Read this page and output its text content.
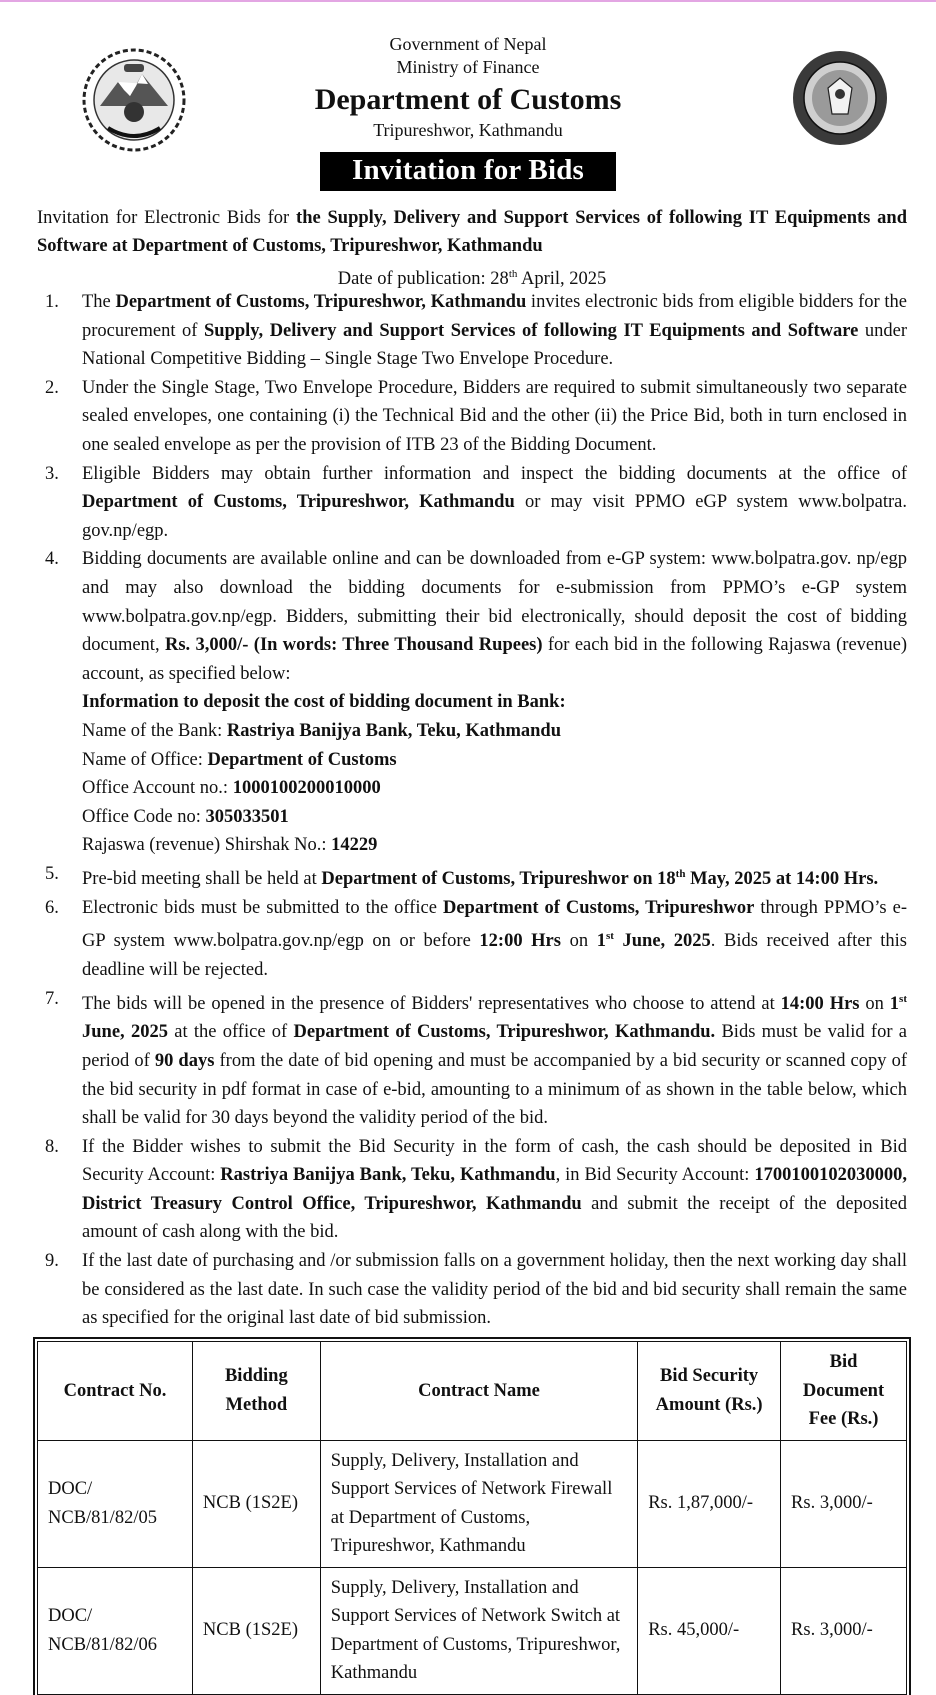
Government of Nepal
Ministry of Finance
Department of Customs
Tripureshwor, Kathmandu
Invitation for Bids
Invitation for Electronic Bids for the Supply, Delivery and Support Services of following IT Equipments and Software at Department of Customs, Tripureshwor, Kathmandu
Date of publication: 28th April, 2025
1. The Department of Customs, Tripureshwor, Kathmandu invites electronic bids from eligible bidders for the procurement of Supply, Delivery and Support Services of following IT Equipments and Software under National Competitive Bidding – Single Stage Two Envelope Procedure.
2. Under the Single Stage, Two Envelope Procedure, Bidders are required to submit simultaneously two separate sealed envelopes, one containing (i) the Technical Bid and the other (ii) the Price Bid, both in turn enclosed in one sealed envelope as per the provision of ITB 23 of the Bidding Document.
3. Eligible Bidders may obtain further information and inspect the bidding documents at the office of Department of Customs, Tripureshwor, Kathmandu or may visit PPMO eGP system www.bolpatra. gov.np/egp.
4. Bidding documents are available online and can be downloaded from e-GP system: www.bolpatra.gov. np/egp and may also download the bidding documents for e-submission from PPMO’s e-GP system www.bolpatra.gov.np/egp. Bidders, submitting their bid electronically, should deposit the cost of bidding document, Rs. 3,000/- (In words: Three Thousand Rupees) for each bid in the following Rajaswa (revenue) account, as specified below:

Information to deposit the cost of bidding document in Bank:

Name of the Bank: Rastriya Banijya Bank, Teku, Kathmandu

Name of Office: Department of Customs

Office Account no.: 1000100200010000

Office Code no: 305033501

Rajaswa (revenue) Shirshak No.: 14229

5. Pre-bid meeting shall be held at Department of Customs, Tripureshwor on 18th May, 2025 at 14:00 Hrs.
6. Electronic bids must be submitted to the office Department of Customs, Tripureshwor through PPMO’s e-GP system www.bolpatra.gov.np/egp on or before 12:00 Hrs on 1st June, 2025. Bids received after this deadline will be rejected.
7. The bids will be opened in the presence of Bidders' representatives who choose to attend at 14:00 Hrs on 1st June, 2025 at the office of Department of Customs, Tripureshwor, Kathmandu. Bids must be valid for a period of 90 days from the date of bid opening and must be accompanied by a bid security or scanned copy of the bid security in pdf format in case of e-bid, amounting to a minimum of as shown in the table below, which shall be valid for 30 days beyond the validity period of the bid.
8. If the Bidder wishes to submit the Bid Security in the form of cash, the cash should be deposited in Bid Security Account: Rastriya Banijya Bank, Teku, Kathmandu, in Bid Security Account: 1700100102030000, District Treasury Control Office, Tripureshwor, Kathmandu and submit the receipt of the deposited amount of cash along with the bid.
9. If the last date of purchasing and /or submission falls on a government holiday, then the next working day shall be considered as the last date. In such case the validity period of the bid and bid security shall remain the same as specified for the original last date of bid submission.
Contract No.	Bidding Method	Contract Name	Bid Security Amount (Rs.)	Bid Document Fee (Rs.)
DOC/ NCB/81/82/05	NCB (1S2E)	Supply, Delivery, Installation and Support Services of Network Firewall at Department of Customs, Tripureshwor, Kathmandu	Rs. 1,87,000/-	Rs. 3,000/-
DOC/ NCB/81/82/06	NCB (1S2E)	Supply, Delivery, Installation and Support Services of Network Switch at Department of Customs, Tripureshwor, Kathmandu	Rs. 45,000/-	Rs. 3,000/-
